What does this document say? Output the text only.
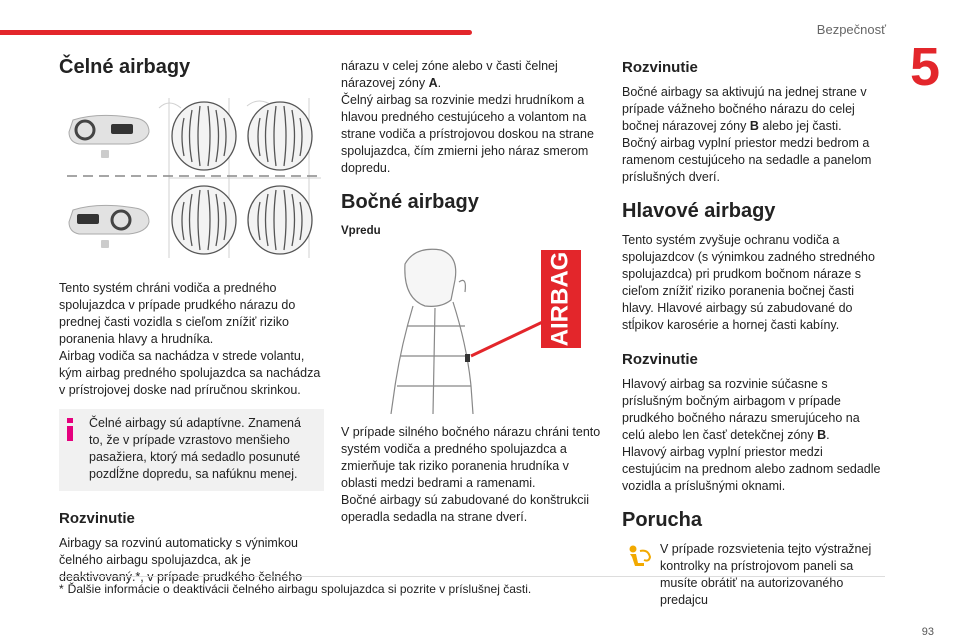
Bezpečnosť
5
Čelné airbagy

Tento systém chráni vodiča a predného spolujazdca v prípade prudkého nárazu do prednej časti vozidla s cieľom znížiť riziko poranenia hlavy a hrudníka.

Airbag vodiča sa nachádza v strede volantu, kým airbag predného spolujazdca sa nachádza v prístrojovej doske nad príručnou skrinkou.

Čelné airbagy sú adaptívne. Znamená to, že v prípade vzrastovo menšieho pasažiera, ktorý má sedadlo posunuté pozdĺžne dopredu, sa nafúknu menej.

Rozvinutie

Airbagy sa rozvinú automaticky s výnimkou čelného airbagu spolujazdca, ak je deaktivovaný.*, v prípade prudkého čelného

nárazu v celej zóne alebo v časti čelnej nárazovej zóny A.

Čelný airbag sa rozvinie medzi hrudníkom a hlavou predného cestujúceho a volantom na strane vodiča a prístrojovou doskou na strane spolujazdca, čím zmierni jeho náraz smerom dopredu.

Bočné airbagy
Vpredu
AIRBAG

V prípade silného bočného nárazu chráni tento systém vodiča a predného spolujazdca a zmierňuje tak riziko poranenia hrudníka v oblasti medzi bedrami a ramenami.

Bočné airbagy sú zabudované do konštrukcii operadla sedadla na strane dverí.

Rozvinutie

Bočné airbagy sa aktivujú na jednej strane v prípade vážneho bočného nárazu do celej bočnej nárazovej zóny B alebo jej časti.

Bočný airbag vyplní priestor medzi bedrom a ramenom cestujúceho na sedadle a panelom príslušných dverí.

Hlavové airbagy

Tento systém zvyšuje ochranu vodiča a spolujazdcov (s výnimkou zadného stredného spolujazdca) pri prudkom bočnom náraze s cieľom znížiť riziko poranenia bočnej časti hlavy. Hlavové airbagy sú zabudované do stĺpikov karosérie a hornej časti kabíny.

Rozvinutie

Hlavový airbag sa rozvinie súčasne s príslušným bočným airbagom v prípade prudkého bočného nárazu smerujúceho na celú alebo len časť detekčnej zóny B.

Hlavový airbag vyplní priestor medzi cestujúcim na prednom alebo zadnom sedadle vozidla a príslušnými oknami.

Porucha

V prípade rozsvietenia tejto výstražnej kontrolky na prístrojovom paneli sa musíte obrátiť na autorizovaného predajcu

* Ďalšie informácie o deaktivácii čelného airbagu spolujazdca si pozrite v príslušnej časti.
93
